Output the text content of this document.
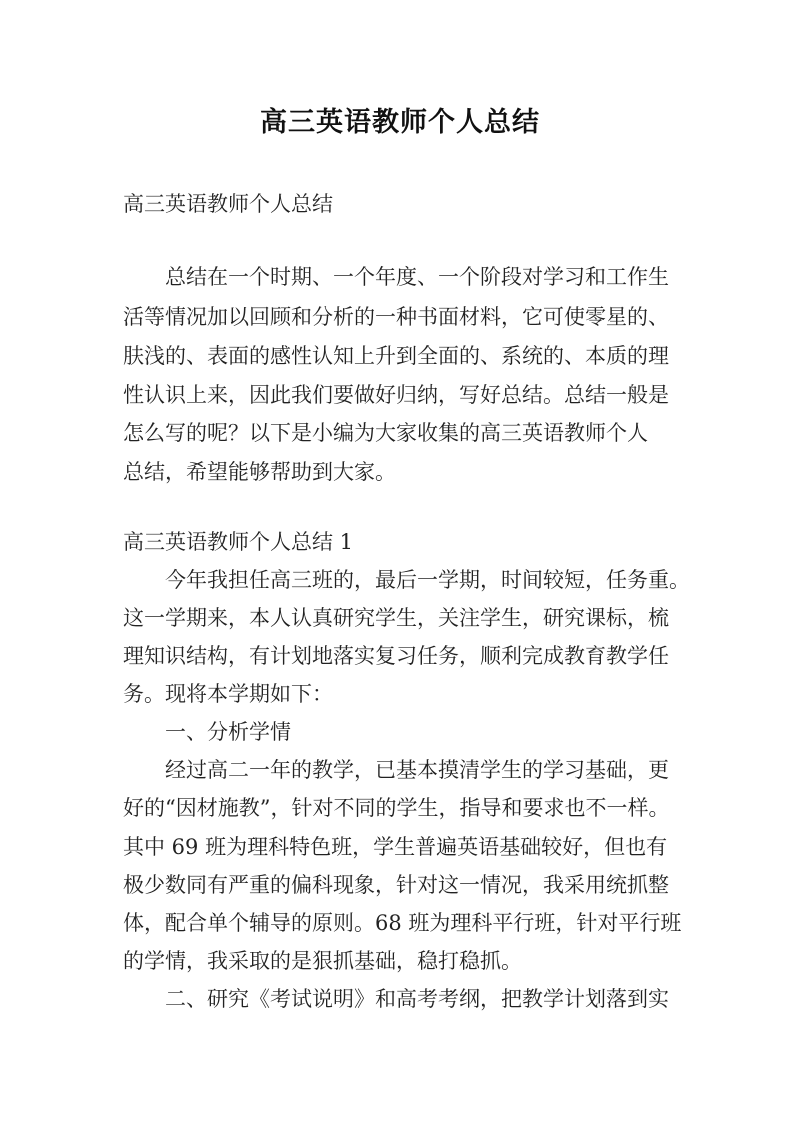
高三英语教师个人总结
高三英语教师个人总结
总结在一个时期、一个年度、一个阶段对学习和工作生
活等情况加以回顾和分析的一种书面材料，它可使零星的、
肤浅的、表面的感性认知上升到全面的、系统的、本质的理
性认识上来，因此我们要做好归纳，写好总结。总结一般是
怎么写的呢？以下是小编为大家收集的高三英语教师个人
总结，希望能够帮助到大家。
高三英语教师个人总结 1
今年我担任高三班的，最后一学期，时间较短，任务重。
这一学期来，本人认真研究学生，关注学生，研究课标，梳
理知识结构，有计划地落实复习任务，顺利完成教育教学任
务。现将本学期如下：
一、分析学情
经过高二一年的教学，已基本摸清学生的学习基础，更
好的“因材施教”，针对不同的学生，指导和要求也不一样。
其中 69 班为理科特色班，学生普遍英语基础较好，但也有
极少数同有严重的偏科现象，针对这一情况，我采用统抓整
体，配合单个辅导的原则。68 班为理科平行班，针对平行班
的学情，我采取的是狠抓基础，稳打稳抓。
二、研究《考试说明》和高考考纲，把教学计划落到实
